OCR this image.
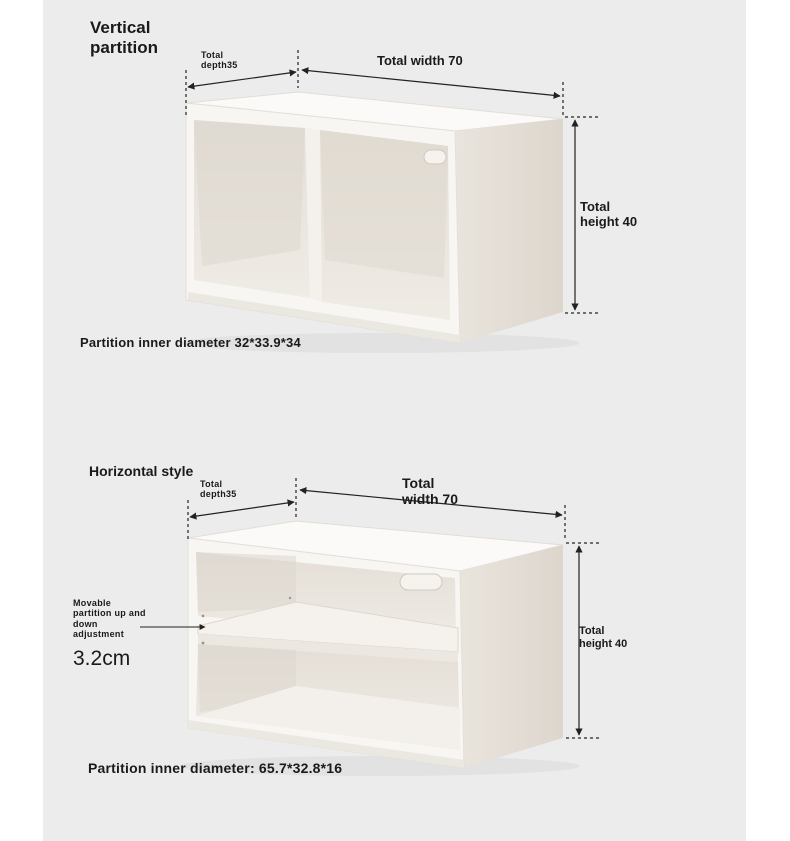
Vertical
partition	Total
depth35	Total width 70
Total
height 40
Partition inner diameter 32*33.9*34
Horizontal style
Total
depth35
Total
width 70
Total
height 40
Movable
partition up and
down
adjustment
3.2cm
Partition inner diameter: 65.7*32.8*16
